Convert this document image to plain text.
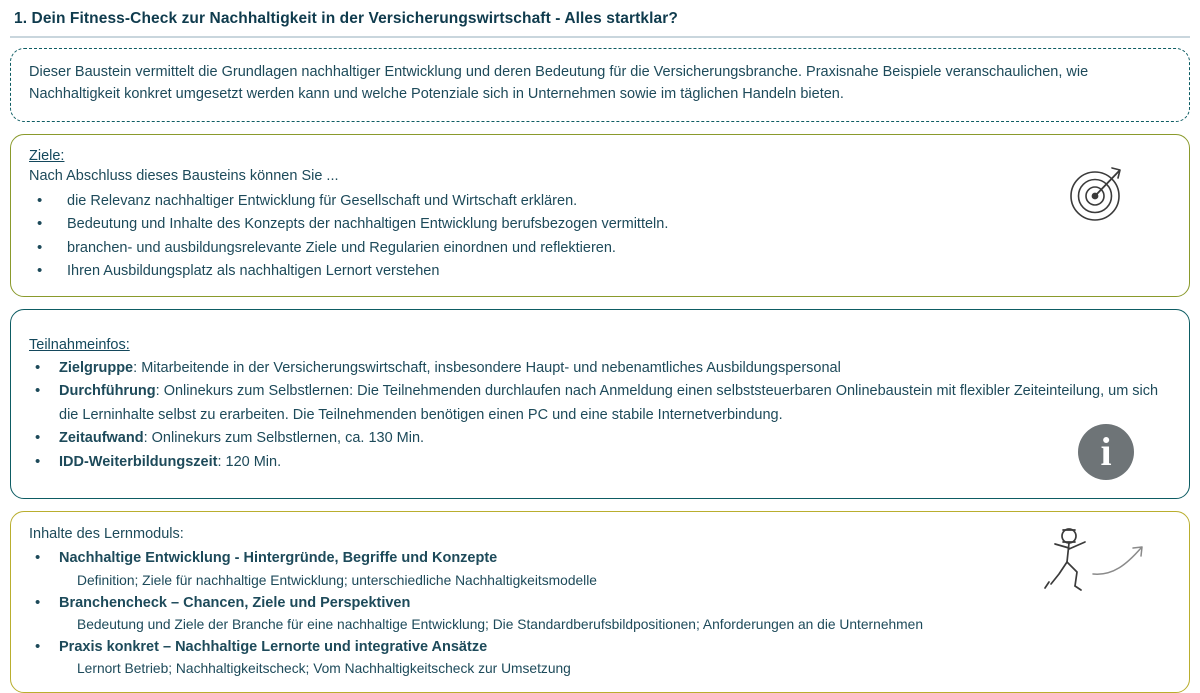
1. Dein Fitness-Check zur Nachhaltigkeit in der Versicherungswirtschaft - Alles startklar?

Dieser Baustein vermittelt die Grundlagen nachhaltiger Entwicklung und deren Bedeutung für die Versicherungsbranche. Praxisnahe Beispiele veranschaulichen, wie Nachhaltigkeit konkret umgesetzt werden kann und welche Potenziale sich in Unternehmen sowie im täglichen Handeln bieten.

Ziele:
Nach Abschluss dieses Bausteins können Sie ...
• die Relevanz nachhaltiger Entwicklung für Gesellschaft und Wirtschaft erklären.
• Bedeutung und Inhalte des Konzepts der nachhaltigen Entwicklung berufsbezogen vermitteln.
• branchen- und ausbildungsrelevante Ziele und Regularien einordnen und reflektieren.
• Ihren Ausbildungsplatz als nachhaltigen Lernort verstehen
Teilnahmeinfos:
• Zielgruppe: Mitarbeitende in der Versicherungswirtschaft, insbesondere Haupt- und nebenamtliches Ausbildungspersonal
• Durchführung: Onlinekurs zum Selbstlernen: Die Teilnehmenden durchlaufen nach Anmeldung einen selbststeuerbaren Onlinebaustein mit flexibler Zeiteinteilung, um sich die Lerninhalte selbst zu erarbeiten. Die Teilnehmenden benötigen einen PC und eine stabile Internetverbindung.
• Zeitaufwand: Onlinekurs zum Selbstlernen, ca. 130 Min.
• IDD-Weiterbildungszeit: 120 Min.	i
Inhalte des Lernmoduls:
• Nachhaltige Entwicklung - Hintergründe, Begriffe und Konzepte
Definition; Ziele für nachhaltige Entwicklung; unterschiedliche Nachhaltigkeitsmodelle
• Branchencheck – Chancen, Ziele und Perspektiven
Bedeutung und Ziele der Branche für eine nachhaltige Entwicklung; Die Standardberufsbildpositionen; Anforderungen an die Unternehmen
• Praxis konkret – Nachhaltige Lernorte und integrative Ansätze
Lernort Betrieb; Nachhaltigkeitscheck; Vom Nachhaltigkeitscheck zur Umsetzung
